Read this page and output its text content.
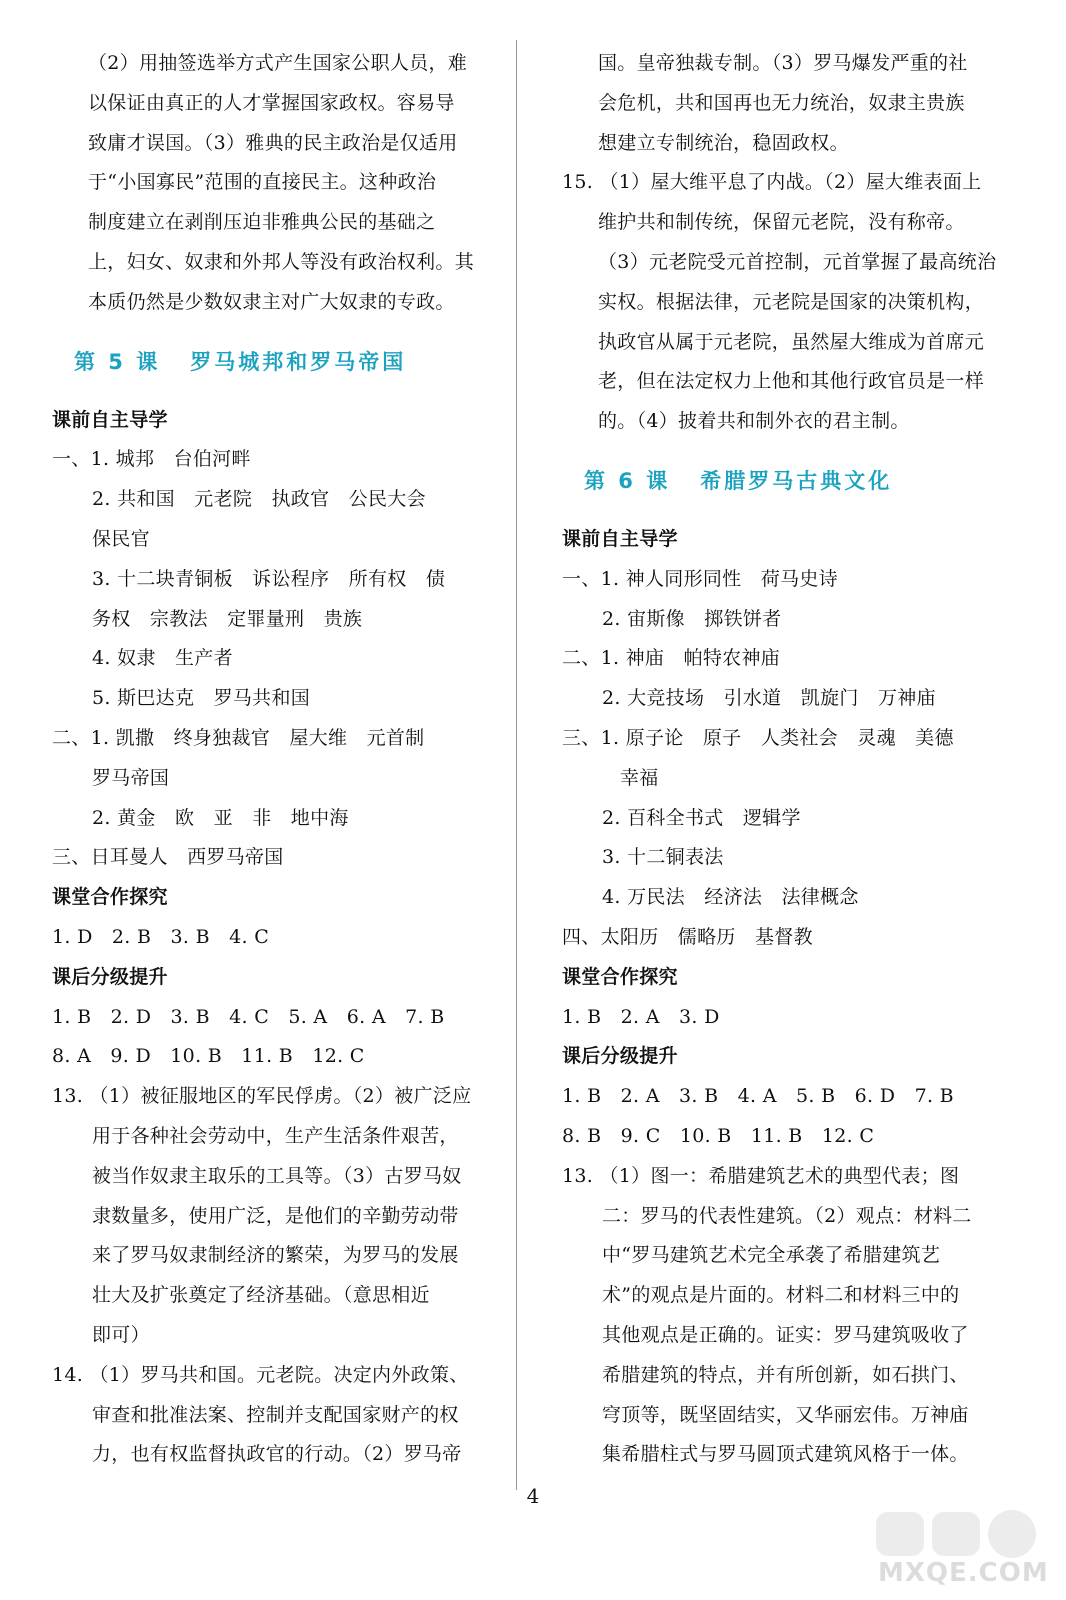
（2）用抽签选举方式产生国家公职人员，难
以保证由真正的人才掌握国家政权。容易导
致庸才误国。（3）雅典的民主政治是仅适用
于“小国寡民”范围的直接民主。这种政治
制度建立在剥削压迫非雅典公民的基础之
上，妇女、奴隶和外邦人等没有政治权利。其
本质仍然是少数奴隶主对广大奴隶的专政。
第 5 课 罗马城邦和罗马帝国
课前自主导学
一、1. 城邦　台伯河畔
2. 共和国　元老院　执政官　公民大会
保民官
3. 十二块青铜板　诉讼程序　所有权　债
务权　宗教法　定罪量刑　贵族
4. 奴隶　生产者
5. 斯巴达克　罗马共和国
二、1. 凯撒　终身独裁官　屋大维　元首制
罗马帝国
2. 黄金　欧　亚　非　地中海
三、日耳曼人　西罗马帝国
课堂合作探究
1. D　2. B　3. B　4. C
课后分级提升
1. B　2. D　3. B　4. C　5. A　6. A　7. B
8. A　9. D　10. B　11. B　12. C
13. （1）被征服地区的军民俘虏。（2）被广泛应
用于各种社会劳动中，生产生活条件艰苦，
被当作奴隶主取乐的工具等。（3）古罗马奴
隶数量多，使用广泛，是他们的辛勤劳动带
来了罗马奴隶制经济的繁荣，为罗马的发展
壮大及扩张奠定了经济基础。（意思相近
即可）
14. （1）罗马共和国。元老院。决定内外政策、
审查和批准法案、控制并支配国家财产的权
力，也有权监督执政官的行动。（2）罗马帝
国。皇帝独裁专制。（3）罗马爆发严重的社
会危机，共和国再也无力统治，奴隶主贵族
想建立专制统治，稳固政权。
15. （1）屋大维平息了内战。（2）屋大维表面上
维护共和制传统，保留元老院，没有称帝。
（3）元老院受元首控制，元首掌握了最高统治
实权。根据法律，元老院是国家的决策机构，
执政官从属于元老院，虽然屋大维成为首席元
老，但在法定权力上他和其他行政官员是一样
的。（4）披着共和制外衣的君主制。
第 6 课 希腊罗马古典文化
课前自主导学
一、1. 神人同形同性　荷马史诗
2. 宙斯像　掷铁饼者
二、1. 神庙　帕特农神庙
2. 大竞技场　引水道　凯旋门　万神庙
三、1. 原子论　原子　人类社会　灵魂　美德
幸福
2. 百科全书式　逻辑学
3. 十二铜表法
4. 万民法　经济法　法律概念
四、太阳历　儒略历　基督教
课堂合作探究
1. B　2. A　3. D
课后分级提升
1. B　2. A　3. B　4. A　5. B　6. D　7. B
8. B　9. C　10. B　11. B　12. C
13. （1）图一：希腊建筑艺术的典型代表；图
二：罗马的代表性建筑。（2）观点：材料二
中“罗马建筑艺术完全承袭了希腊建筑艺
术”的观点是片面的。材料二和材料三中的
其他观点是正确的。证实：罗马建筑吸收了
希腊建筑的特点，并有所创新，如石拱门、
穹顶等，既坚固结实，又华丽宏伟。万神庙
集希腊柱式与罗马圆顶式建筑风格于一体。
4
MXQE.COM
